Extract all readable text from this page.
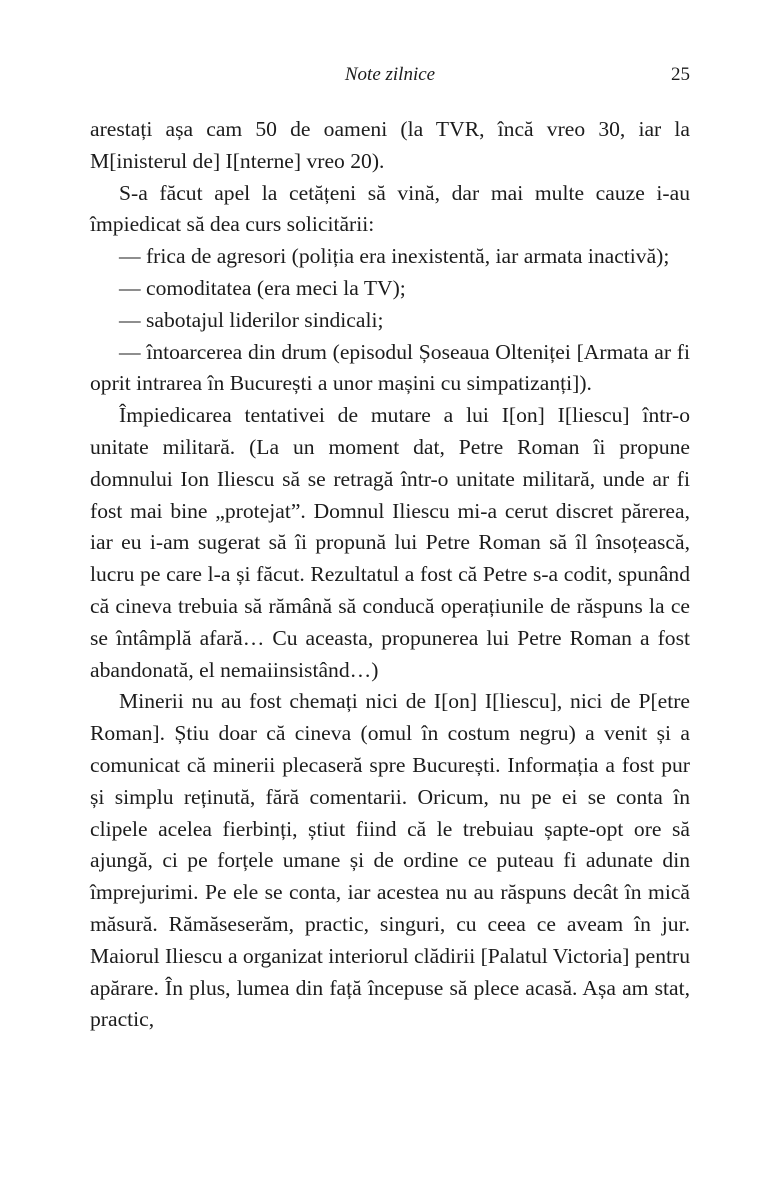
Note zilnice	25

arestați așa cam 50 de oameni (la TVR, încă vreo 30, iar la M[inisterul de] I[nterne] vreo 20).

S-a făcut apel la cetățeni să vină, dar mai multe cauze i-au împiedicat să dea curs solicitării:

— frica de agresori (poliția era inexistentă, iar armata inactivă);

— comoditatea (era meci la TV);

— sabotajul liderilor sindicali;

— întoarcerea din drum (episodul Șoseaua Olteniței [Armata ar fi oprit intrarea în București a unor mașini cu simpatizanți]).

Împiedicarea tentativei de mutare a lui I[on] I[liescu] într-o unitate militară. (La un moment dat, Petre Roman îi propune domnului Ion Iliescu să se retragă într-o unitate militară, unde ar fi fost mai bine „protejat”. Domnul Iliescu mi-a cerut discret părerea, iar eu i-am sugerat să îi propună lui Petre Roman să îl însoțească, lucru pe care l-a și făcut. Rezultatul a fost că Petre s-a codit, spunând că cineva trebuia să rămână să conducă operațiunile de răspuns la ce se întâmplă afară… Cu aceasta, propunerea lui Petre Roman a fost abandonată, el nemaiinsistând…)

Minerii nu au fost chemați nici de I[on] I[liescu], nici de P[etre Roman]. Știu doar că cineva (omul în costum negru) a venit și a comunicat că minerii plecaseră spre București. Informația a fost pur și simplu reținută, fără comentarii. Oricum, nu pe ei se conta în clipele acelea fierbinți, știut fiind că le trebuiau șapte-opt ore să ajungă, ci pe forțele umane și de ordine ce puteau fi adunate din împrejurimi. Pe ele se conta, iar acestea nu au răspuns decât în mică măsură. Rămăseserăm, practic, singuri, cu ceea ce aveam în jur. Maiorul Iliescu a organizat interiorul clădirii [Palatul Victoria] pentru apărare. În plus, lumea din față începuse să plece acasă. Așa am stat, practic,
